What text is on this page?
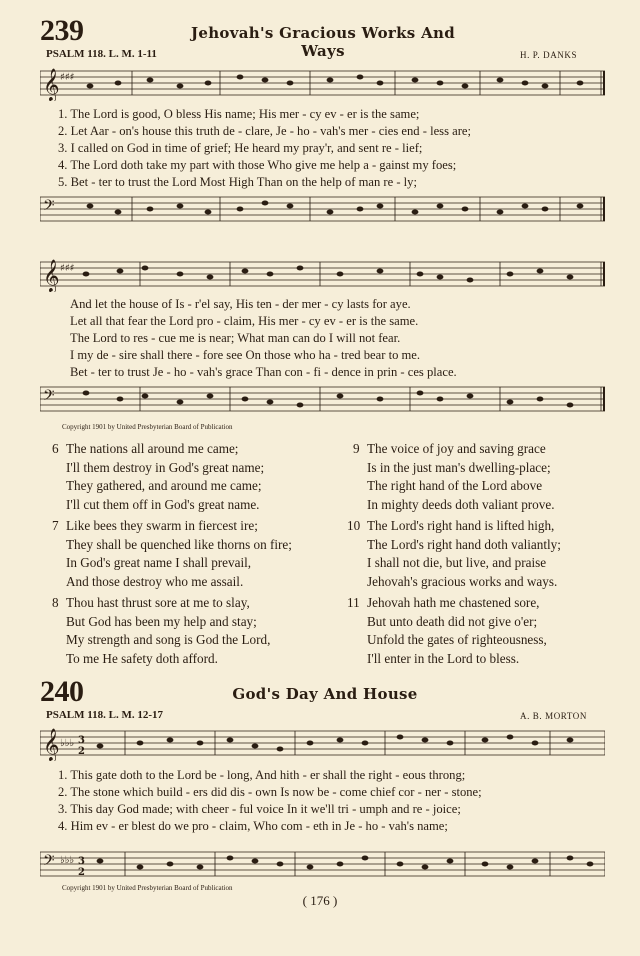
239	Jehovah's Gracious Works And Ways
PSALM 118. L. M. 1-11	H. P. DANKS
𝄞 ♯♯♯
1. The Lord is good, O bless His name; His mer - cy ev - er is the same;
2. Let Aar - on's house this truth de - clare, Je - ho - vah's mer - cies end - less are;
3. I called on God in time of grief; He heard my pray'r, and sent re - lief;
4. The Lord doth take my part with those Who give me help a - gainst my foes;
5. Bet - ter to trust the Lord Most High Than on the help of man re - ly;
𝄢
𝄞 ♯♯♯
And let the house of Is - r'el say, His ten - der mer - cy lasts for aye.
Let all that fear the Lord pro - claim, His mer - cy ev - er is the same.
The Lord to res - cue me is near; What man can do I will not fear.
I my de - sire shall there - fore see On those who ha - tred bear to me.
Bet - ter to trust Je - ho - vah's grace Than con - fi - dence in prin - ces place.
𝄢
Copyright 1901 by United Presbyterian Board of Publication
6 The nations all around me came;
I'll them destroy in God's great name;
They gathered, and around me came;
I'll cut them off in God's great name.
7 Like bees they swarm in fiercest ire;
They shall be quenched like thorns on fire;
In God's great name I shall prevail,
And those destroy who me assail.
8 Thou hast thrust sore at me to slay,
But God has been my help and stay;
My strength and song is God the Lord,
To me He safety doth afford.
9 The voice of joy and saving grace
Is in the just man's dwelling-place;
The right hand of the Lord above
In mighty deeds doth valiant prove.
10 The Lord's right hand is lifted high,
The Lord's right hand doth valiantly;
I shall not die, but live, and praise
Jehovah's gracious works and ways.
11 Jehovah hath me chastened sore,
But unto death did not give o'er;
Unfold the gates of righteousness,
I'll enter in the Lord to bless.
240	God's Day And House
PSALM 118. L. M. 12-17	A. B. MORTON
𝄞 ♭♭♭ 3
2
1. This gate doth to the Lord be - long, And hith - er shall the right - eous throng;
2. The stone which build - ers did dis - own Is now be - come chief cor - ner - stone;
3. This day God made; with cheer - ful voice In it we'll tri - umph and re - joice;
4. Him ev - er blest do we pro - claim, Who com - eth in Je - ho - vah's name;
𝄢 ♭♭♭ 3
2
Copyright 1901 by United Presbyterian Board of Publication
( 176 )
